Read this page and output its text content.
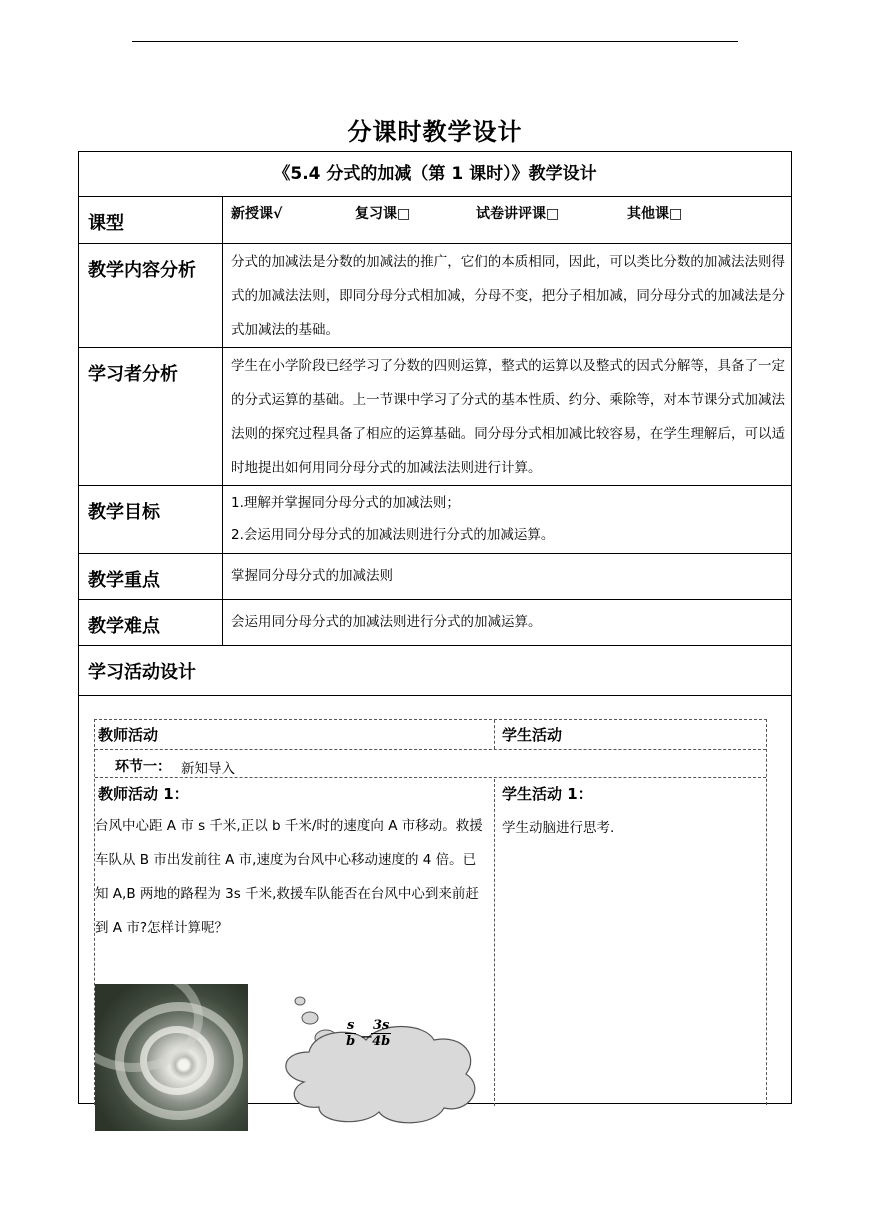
分课时教学设计
《5.4 分式的加减（第 1 课时）》教学设计
课型	新授课√	复习课□	试卷讲评课□	其他课□
教学内容分析	分式的加减法是分数的加减法的推广，它们的本质相同，因此，可以类比分数的加减法法则得式的加减法法则，即同分母分式相加减，分母不变，把分子相加减，同分母分式的加减法是分式加减法的基础。
学习者分析	学生在小学阶段已经学习了分数的四则运算，整式的运算以及整式的因式分解等，具备了一定的分式运算的基础。上一节课中学习了分式的基本性质、约分、乘除等，对本节课分式加减法法则的探究过程具备了相应的运算基础。同分母分式相加减比较容易，在学生理解后，可以适时地提出如何用同分母分式的加减法法则进行计算。
教学目标	1.理解并掌握同分母分式的加减法则；
2.会运用同分母分式的加减法则进行分式的加减运算。
教学重点	掌握同分母分式的加减法则
教学难点	会运用同分母分式的加减法则进行分式的加减运算。
学习活动设计
教师活动	学生活动
环节一： 新知导入
教师活动 1：
台风中心距 A 市 s 千米,正以 b 千米/时的速度向 A 市移动。救援车队从 B 市出发前往 A 市,速度为台风中心移动速度的 4 倍。已知 A,B 两地的路程为 3s 千米,救援车队能否在台风中心到来前赶到 A 市?怎样计算呢？
学生活动 1：
学生动脑进行思考.
$\frac{s}{b}$ −
$\frac{3s}{4b}$
